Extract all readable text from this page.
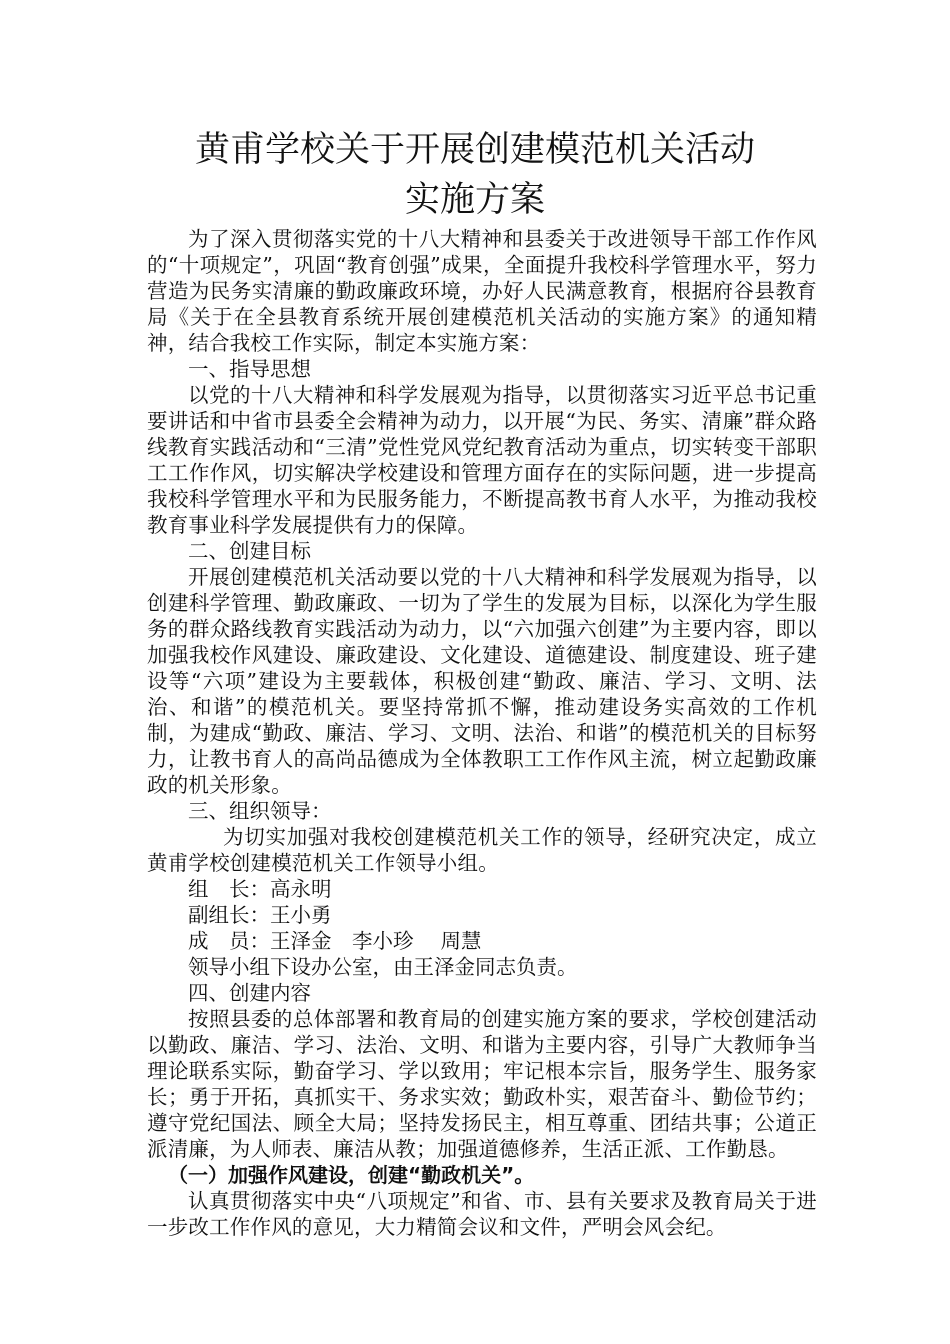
黄甫学校关于开展创建模范机关活动
实施方案

为了深入贯彻落实党的十八大精神和县委关于改进领导干部工作作风的“十项规定”，巩固“教育创强”成果，全面提升我校科学管理水平，努力营造为民务实清廉的勤政廉政环境，办好人民满意教育，根据府谷县教育局《关于在全县教育系统开展创建模范机关活动的实施方案》的通知精神，结合我校工作实际，制定本实施方案：

一、指导思想

以党的十八大精神和科学发展观为指导，以贯彻落实习近平总书记重要讲话和中省市县委全会精神为动力，以开展“为民、务实、清廉”群众路线教育实践活动和“三清”党性党风党纪教育活动为重点，切实转变干部职工工作作风，切实解决学校建设和管理方面存在的实际问题，进一步提高我校科学管理水平和为民服务能力，不断提高教书育人水平，为推动我校教育事业科学发展提供有力的保障。

二、创建目标

开展创建模范机关活动要以党的十八大精神和科学发展观为指导，以创建科学管理、勤政廉政、一切为了学生的发展为目标，以深化为学生服务的群众路线教育实践活动为动力，以“六加强六创建”为主要内容，即以加强我校作风建设、廉政建设、文化建设、道德建设、制度建设、班子建设等“六项”建设为主要载体，积极创建“勤政、廉洁、学习、文明、法治、和谐”的模范机关。要坚持常抓不懈，推动建设务实高效的工作机制，为建成“勤政、廉洁、学习、文明、法治、和谐”的模范机关的目标努力，让教书育人的高尚品德成为全体教职工工作作风主流，树立起勤政廉政的机关形象。

三、组织领导：

为切实加强对我校创建模范机关工作的领导，经研究决定，成立黄甫学校创建模范机关工作领导小组。

组　长：高永明

副组长：王小勇

成　员：王泽金　李小珍　 周慧

领导小组下设办公室，由王泽金同志负责。

四、创建内容

按照县委的总体部署和教育局的创建实施方案的要求，学校创建活动以勤政、廉洁、学习、法治、文明、和谐为主要内容，引导广大教师争当理论联系实际，勤奋学习、学以致用；牢记根本宗旨，服务学生、服务家长；勇于开拓，真抓实干、务求实效；勤政朴实，艰苦奋斗、勤俭节约；遵守党纪国法、顾全大局；坚持发扬民主，相互尊重、团结共事；公道正派清廉，为人师表、廉洁从教；加强道德修养，生活正派、工作勤恳。

（一）加强作风建设，创建“勤政机关”。

认真贯彻落实中央“八项规定”和省、市、县有关要求及教育局关于进一步改工作作风的意见，大力精简会议和文件，严明会风会纪。
